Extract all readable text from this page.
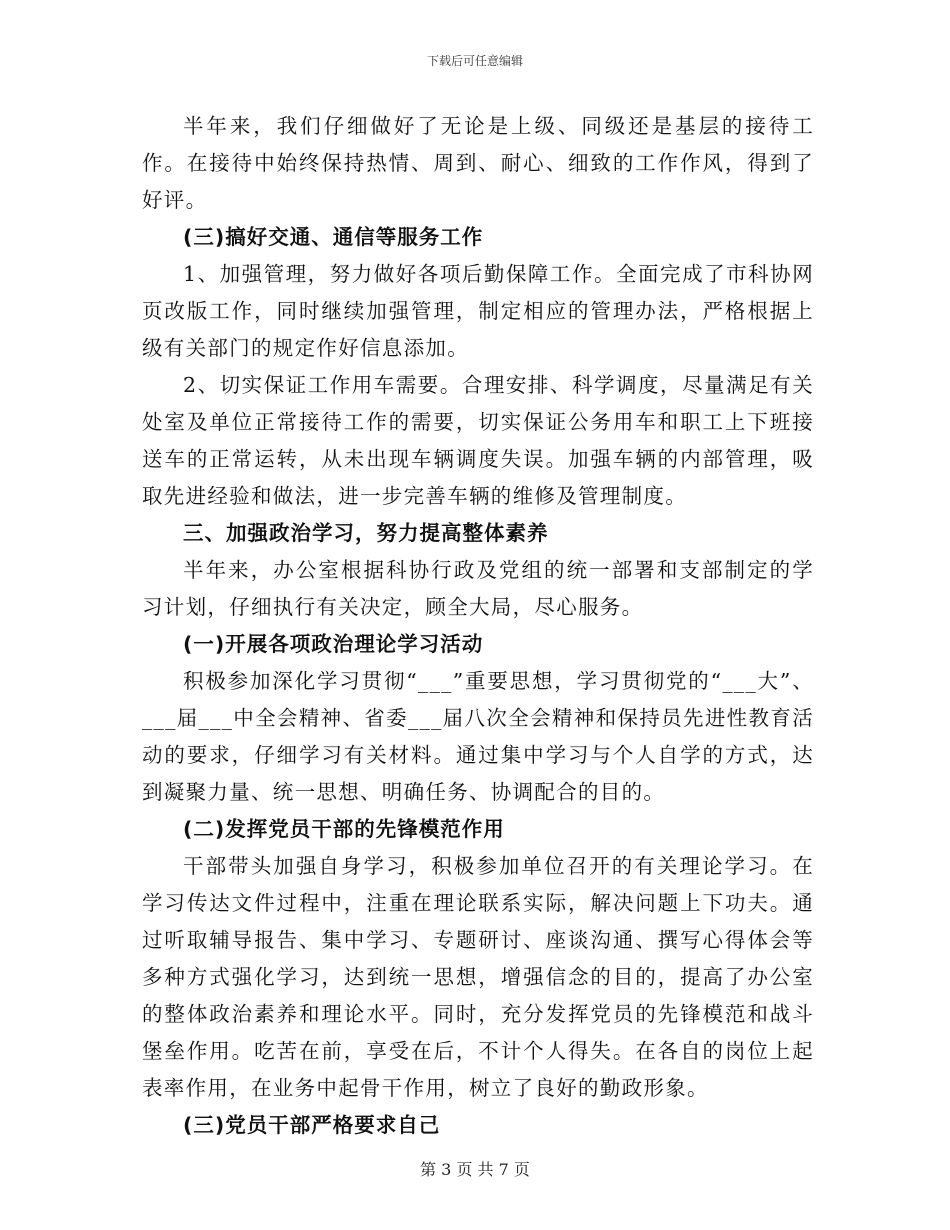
下载后可任意编辑

半年来，我们仔细做好了无论是上级、同级还是基层的接待工作。在接待中始终保持热情、周到、耐心、细致的工作作风，得到了好评。

(三)搞好交通、通信等服务工作

1、加强管理，努力做好各项后勤保障工作。全面完成了市科协网页改版工作，同时继续加强管理，制定相应的管理办法，严格根据上级有关部门的规定作好信息添加。

2、切实保证工作用车需要。合理安排、科学调度，尽量满足有关处室及单位正常接待工作的需要，切实保证公务用车和职工上下班接送车的正常运转，从未出现车辆调度失误。加强车辆的内部管理，吸取先进经验和做法，进一步完善车辆的维修及管理制度。

三、加强政治学习，努力提高整体素养

半年来，办公室根据科协行政及党组的统一部署和支部制定的学习计划，仔细执行有关决定，顾全大局，尽心服务。

(一)开展各项政治理论学习活动

积极参加深化学习贯彻“___”重要思想，学习贯彻党的“___大”、___届___中全会精神、省委___届八次全会精神和保持员先进性教育活动的要求，仔细学习有关材料。通过集中学习与个人自学的方式，达到凝聚力量、统一思想、明确任务、协调配合的目的。

(二)发挥党员干部的先锋模范作用

干部带头加强自身学习，积极参加单位召开的有关理论学习。在学习传达文件过程中，注重在理论联系实际，解决问题上下功夫。通过听取辅导报告、集中学习、专题研讨、座谈沟通、撰写心得体会等多种方式强化学习，达到统一思想，增强信念的目的，提高了办公室的整体政治素养和理论水平。同时，充分发挥党员的先锋模范和战斗堡垒作用。吃苦在前，享受在后，不计个人得失。在各自的岗位上起表率作用，在业务中起骨干作用，树立了良好的勤政形象。

(三)党员干部严格要求自己

第 3 页 共 7 页
